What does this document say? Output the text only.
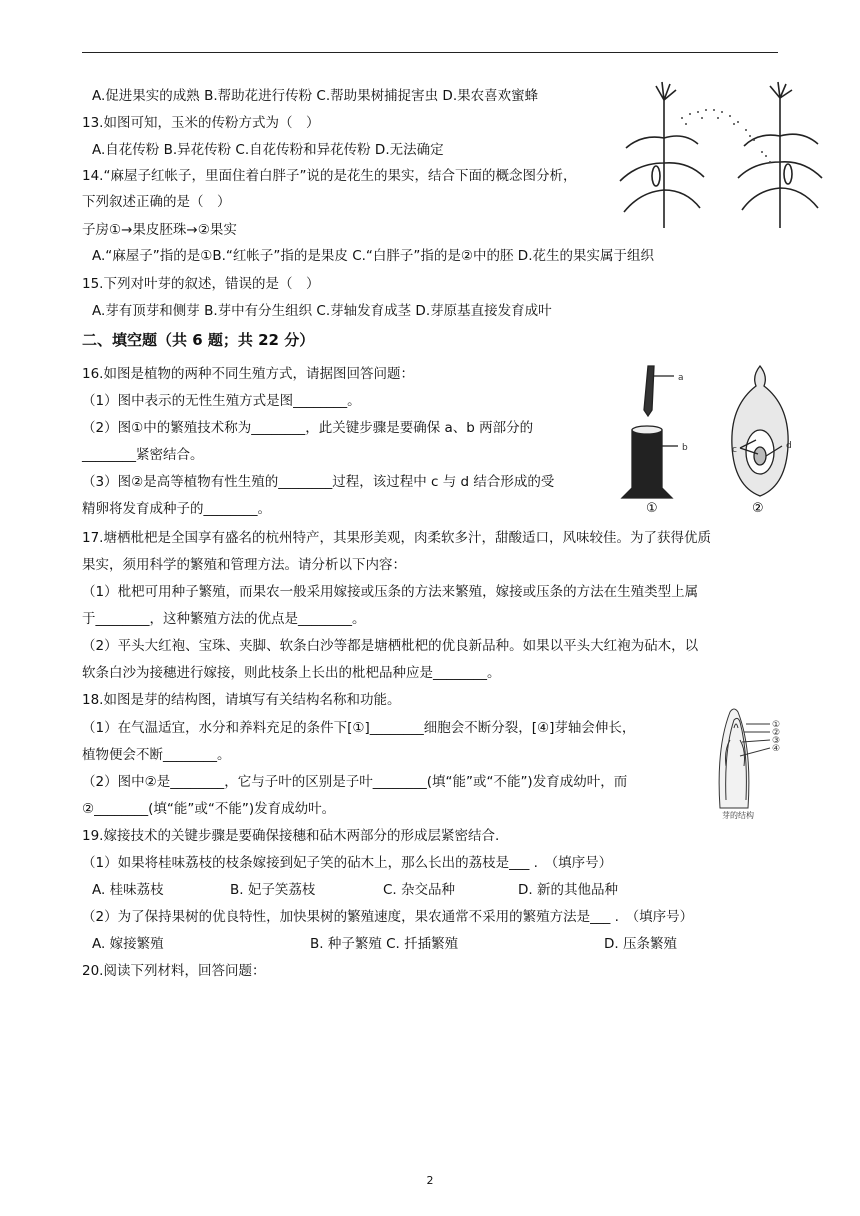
A.促进果实的成熟 B.帮助花进行传粉 C.帮助果树捕捉害虫 D.果农喜欢蜜蜂
13.如图可知，玉米的传粉方式为（　）
A.自花传粉 B.异花传粉 C.自花传粉和异花传粉 D.无法确定
14.“麻屋子红帐子，里面住着白胖子”说的是花生的果实，结合下面的概念图分析，
下列叙述正确的是（　）
子房①→果皮胚珠→②果实
A.“麻屋子”指的是①B.“红帐子”指的是果皮 C.“白胖子”指的是②中的胚 D.花生的果实属于组织
15.下列对叶芽的叙述，错误的是（　）
A.芽有顶芽和侧芽 B.芽中有分生组织 C.芽轴发育成茎 D.芽原基直接发育成叶
二、填空题（共 6 题；共 22 分）
16.如图是植物的两种不同生殖方式，请据图回答问题：
（1）图中表示的无性生殖方式是图________。
（2）图①中的繁殖技术称为________，此关键步骤是要确保 a、b 两部分的
________紧密结合。
（3）图②是高等植物有性生殖的________过程，该过程中 c 与 d 结合形成的受
精卵将发育成种子的________。
17.塘栖枇杷是全国享有盛名的杭州特产，其果形美观，肉柔软多汁，甜酸适口，风味较佳。为了获得优质
果实，须用科学的繁殖和管理方法。请分析以下内容：
（1）枇杷可用种子繁殖，而果农一般采用嫁接或压条的方法来繁殖，嫁接或压条的方法在生殖类型上属
于________，这种繁殖方法的优点是________。
（2）平头大红袍、宝珠、夹脚、软条白沙等都是塘栖枇杷的优良新品种。如果以平头大红袍为砧木，以
软条白沙为接穗进行嫁接，则此枝条上长出的枇杷品种应是________。
18.如图是芽的结构图，请填写有关结构名称和功能。
（1）在气温适宜，水分和养料充足的条件下[①]________细胞会不断分裂，[④]芽轴会伸长，
植物便会不断________。
（2）图中②是________，它与子叶的区别是子叶________(填“能”或“不能”)发育成幼叶，而
②________(填“能”或“不能”)发育成幼叶。
19.嫁接技术的关键步骤是要确保接穗和砧木两部分的形成层紧密结合.
（1）如果将桂味荔枝的枝条嫁接到妃子笑的砧木上，那么长出的荔枝是___ .　（填序号）
A. 桂味荔枝	B. 妃子笑荔枝	C. 杂交品种	D. 新的其他品种
（2）为了保持果树的优良特性，加快果树的繁殖速度，果农通常不采用的繁殖方法是___ .　（填序号）
A. 嫁接繁殖	B. 种子繁殖 C. 扦插繁殖	D. 压条繁殖
20.阅读下列材料，回答问题：
a
b	c	d
①	②
①
②
③
④
芽的结构
2
